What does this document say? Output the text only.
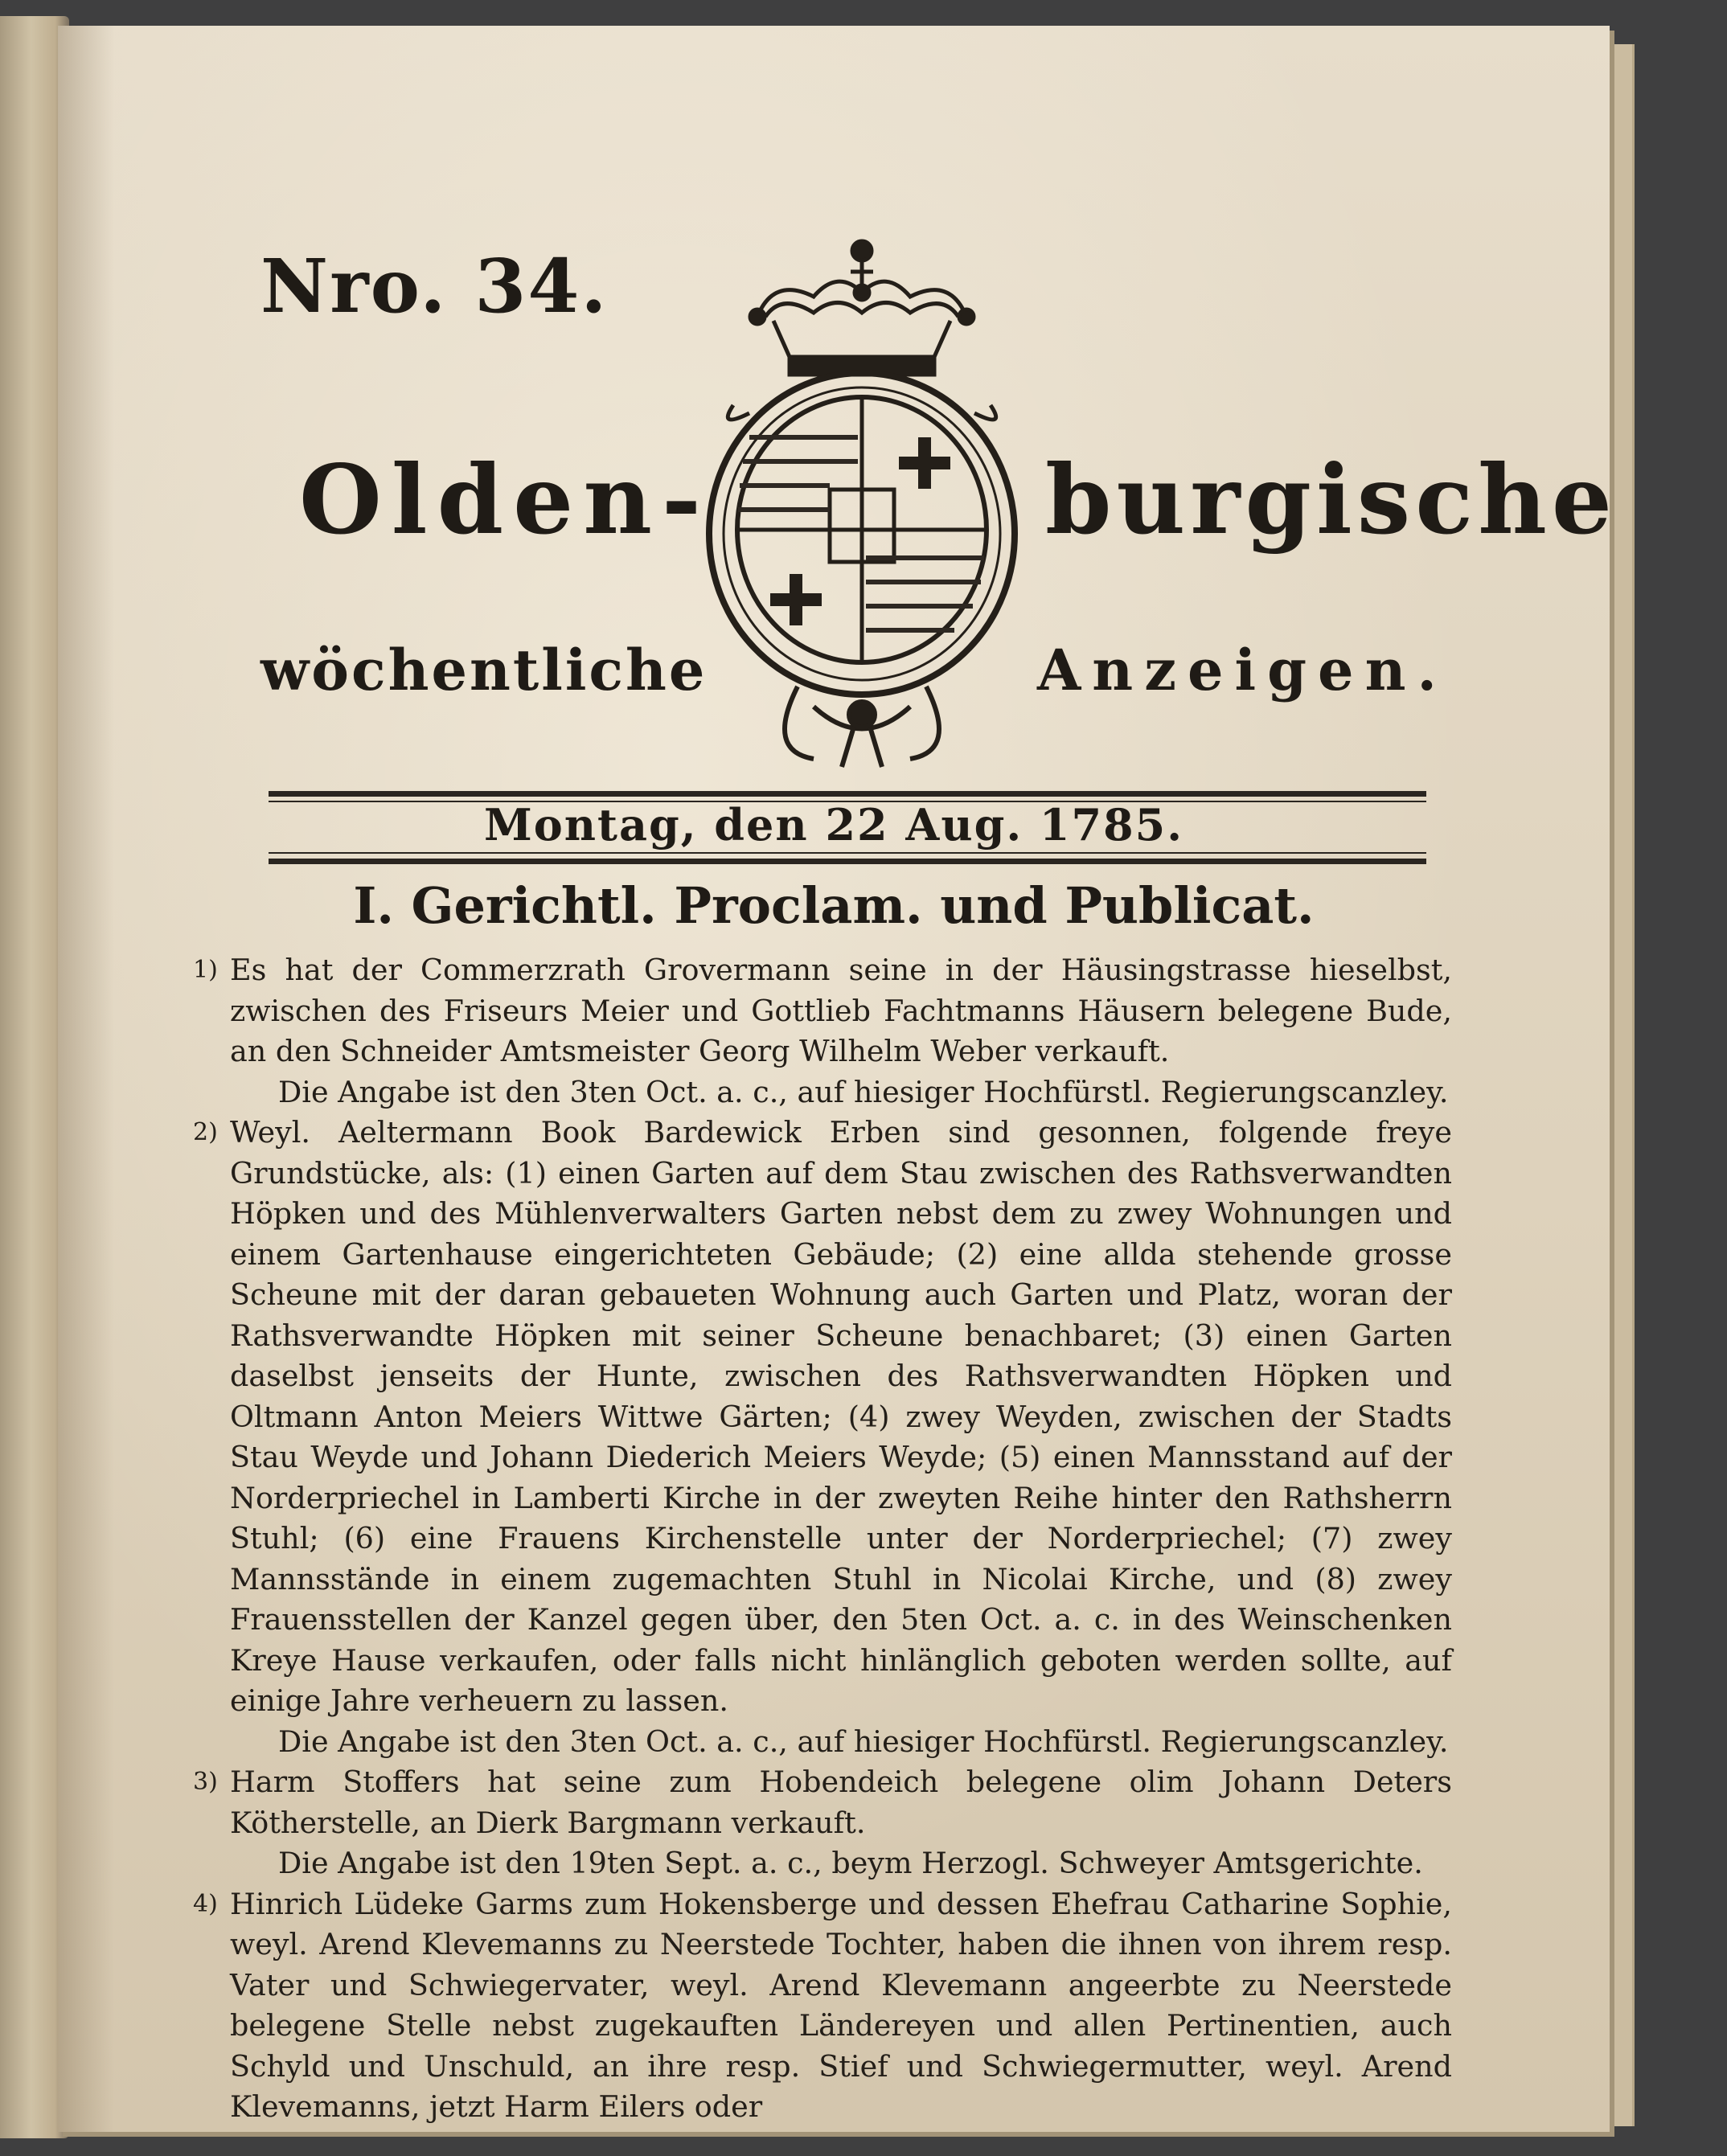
Nro. 34.
Olden-	burgische
wöchentliche	Anzeigen.
Montag, den 22 Aug. 1785.
I. Gerichtl. Proclam. und Publicat.

1) Es hat der Commerzrath Grovermann seine in der Häusingstrasse hieselbst, zwischen des Friseurs Meier und Gottlieb Fachtmanns Häusern belegene Bude, an den Schneider Amtsmeister Georg Wilhelm Weber verkauft.

Die Angabe ist den 3ten Oct. a. c., auf hiesiger Hochfürstl. Regierungscanzley.

2) Weyl. Aeltermann Book Bardewick Erben sind gesonnen, folgende freye Grundstücke, als: (1) einen Garten auf dem Stau zwischen des Rathsverwandten Höpken und des Mühlenverwalters Garten nebst dem zu zwey Wohnungen und einem Gartenhause eingerichteten Gebäude; (2) eine allda stehende grosse Scheune mit der daran gebaueten Wohnung auch Garten und Platz, woran der Rathsverwandte Höpken mit seiner Scheune benachbaret; (3) einen Garten daselbst jenseits der Hunte, zwischen des Rathsverwandten Höpken und Oltmann Anton Meiers Wittwe Gärten; (4) zwey Weyden, zwischen der Stadts Stau Weyde und Johann Diederich Meiers Weyde; (5) einen Mannsstand auf der Norderpriechel in Lamberti Kirche in der zweyten Reihe hinter den Rathsherrn Stuhl; (6) eine Frauens Kirchenstelle unter der Norderpriechel; (7) zwey Mannsstände in einem zugemachten Stuhl in Nicolai Kirche, und (8) zwey Frauensstellen der Kanzel gegen über, den 5ten Oct. a. c. in des Weinschenken Kreye Hause verkaufen, oder falls nicht hinlänglich geboten werden sollte, auf einige Jahre verheuern zu lassen.

Die Angabe ist den 3ten Oct. a. c., auf hiesiger Hochfürstl. Regierungscanzley.

3) Harm Stoffers hat seine zum Hobendeich belegene olim Johann Deters Kötherstelle, an Dierk Bargmann verkauft.

Die Angabe ist den 19ten Sept. a. c., beym Herzogl. Schweyer Amtsgerichte.

4) Hinrich Lüdeke Garms zum Hokensberge und dessen Ehefrau Catharine Sophie, weyl. Arend Klevemanns zu Neerstede Tochter, haben die ihnen von ihrem resp. Vater und Schwiegervater, weyl. Arend Klevemann angeerbte zu Neerstede belegene Stelle nebst zugekauften Ländereyen und allen Pertinentien, auch Schyld und Unschuld, an ihre resp. Stief und Schwiegermutter, weyl. Arend Klevemanns, jetzt Harm Eilers oder
